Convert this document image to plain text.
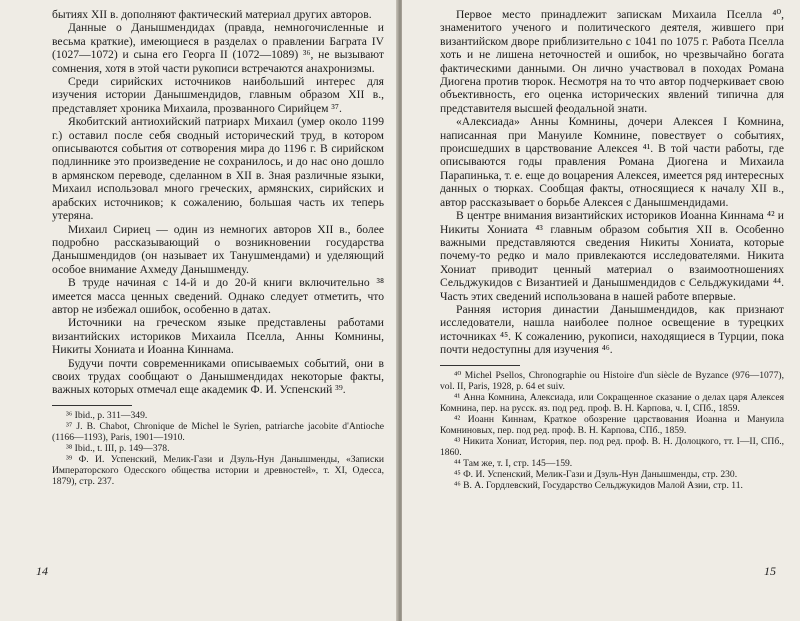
бытиях XII в. дополняют фактический материал других авторов.

Данные о Данышмендидах (правда, немногочисленные и весьма краткие), имеющиеся в разделах о правлении Баграта IV (1027—1072) и сына его Георга II (1072—1089) ³⁶, не вызывают сомнения, хотя в этой части рукописи встречаются анахронизмы.

Среди сирийских источников наибольший интерес для изучения истории Данышмендидов, главным образом XII в., представляет хроника Михаила, прозванного Сирийцем ³⁷.

Якобитский антиохийский патриарх Михаил (умер около 1199 г.) оставил после себя сводный исторический труд, в котором описываются события от сотворения мира до 1196 г. В сирийском подлиннике это произведение не сохранилось, и до нас оно дошло в армянском переводе, сделанном в XII в. Зная различные языки, Михаил использовал много греческих, армянских, сирийских и арабских источников; к сожалению, большая часть их теперь утеряна.

Михаил Сириец — один из немногих авторов XII в., более подробно рассказывающий о возникновении государства Данышмендидов (он называет их Танушмендами) и уделяющий особое внимание Ахмеду Данышменду.

В труде начиная с 14-й и до 20-й книги включительно ³⁸ имеется масса ценных сведений. Однако следует отметить, что автор не избежал ошибок, особенно в датах.

Источники на греческом языке представлены работами византийских историков Михаила Пселла, Анны Комнины, Никиты Хониата и Иоанна Киннама.

Будучи почти современниками описываемых событий, они в своих трудах сообщают о Данышмендидах некоторые факты, важных которых отмечал еще академик Ф. И. Успенский ³⁹.

³⁶ Ibid., p. 311—349.

³⁷ J. B. Chabot, Chronique de Michel le Syrien, patriarche jacobite d'Antioche (1166—1193), Paris, 1901—1910.

³⁸ Ibid., t. III, p. 149—378.

³⁹ Ф. И. Успенский, Мелик-Гази и Дзуль-Нун Данышменды, «Записки Императорского Одесского общества истории и древностей», т. XI, Одесса, 1879), стр. 237.

14

Первое место принадлежит запискам Михаила Пселла ⁴⁰, знаменитого ученого и политического деятеля, жившего при византийском дворе приблизительно с 1041 по 1075 г. Работа Пселла хоть и не лишена неточностей и ошибок, но чрезвычайно богата фактическими данными. Он лично участвовал в походах Романа Диогена против тюрок. Несмотря на то что автор подчеркивает свою объективность, его оценка исторических явлений типична для представителя высшей феодальной знати.

«Алексиада» Анны Комнины, дочери Алексея I Комнина, написанная при Мануиле Комнине, повествует о событиях, происшедших в царствование Алексея ⁴¹. В той части работы, где описываются годы правления Романа Диогена и Михаила Парапинька, т. е. еще до воцарения Алексея, имеется ряд интересных данных о тюрках. Сообщая факты, относящиеся к началу XII в., автор рассказывает о борьбе Алексея с Данышмендидами.

В центре внимания византийских историков Иоанна Киннама ⁴² и Никиты Хониата ⁴³ главным образом события XII в. Особенно важными представляются сведения Никиты Хониата, которые почему-то редко и мало привлекаются исследователями. Никита Хониат приводит ценный материал о взаимоотношениях Сельджукидов с Византией и Данышмендидов с Сельджукидами ⁴⁴. Часть этих сведений использована в нашей работе впервые.

Ранняя история династии Данышмендидов, как признают исследователи, нашла наиболее полное освещение в турецких источниках ⁴⁵. К сожалению, рукописи, находящиеся в Турции, пока почти недоступны для изучения ⁴⁶.

⁴⁰ Michel Psellos, Chronographie ou Histoire d'un siècle de Byzance (976—1077), vol. II, Paris, 1928, p. 64 et suiv.

⁴¹ Анна Комнина, Алексиада, или Сокращенное сказание о делах царя Алексея Комнина, пер. на русск. яз. под ред. проф. В. Н. Карпова, ч. I, СПб., 1859.

⁴² Иоанн Киннам, Краткое обозрение царствования Иоанна и Мануила Комниновых, пер. под ред. проф. В. Н. Карпова, СПб., 1859.

⁴³ Никита Хониат, История, пер. под ред. проф. В. Н. Долоцкого, тт. I—II, СПб., 1860.

⁴⁴ Там же, т. I, стр. 145—159.

⁴⁵ Ф. И. Успенский, Мелик-Гази и Дзуль-Нун Данышменды, стр. 230.

⁴⁶ В. А. Гордлевский, Государство Сельджукидов Малой Азии, стр. 11.

15
